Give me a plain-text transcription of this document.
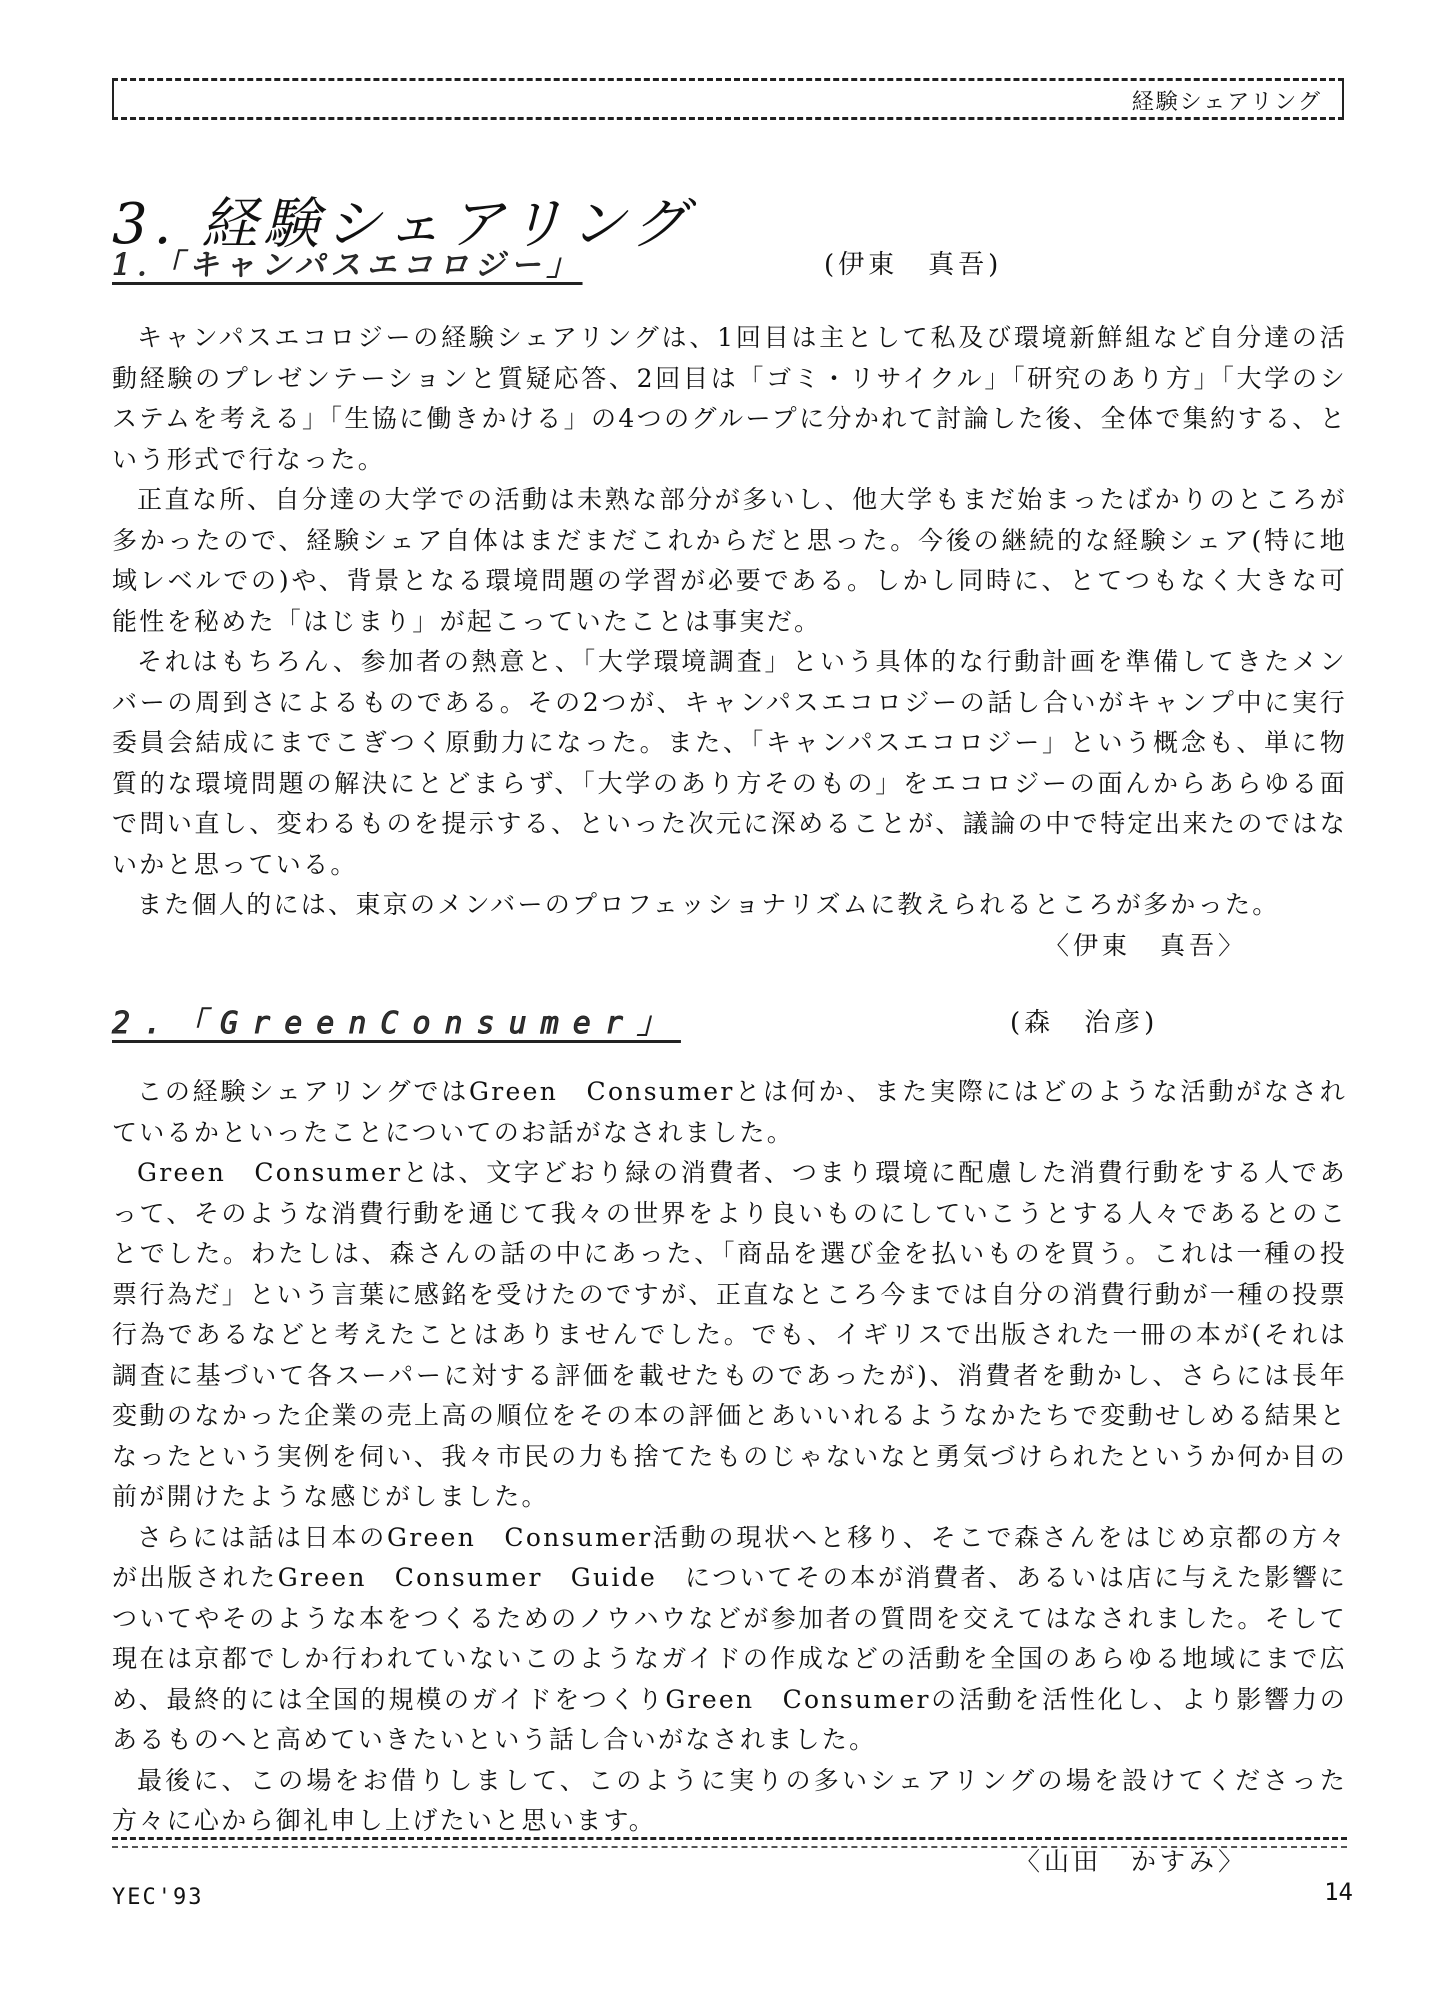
経験シェアリング
3. 経験シェアリング
1.「キャンパスエコロジー」	(伊東　真吾)

キャンパスエコロジーの経験シェアリングは、1回目は主として私及び環境新鮮組など自分達の活動経験のプレゼンテーションと質疑応答、2回目は「ゴミ・リサイクル」「研究のあり方」「大学のシステムを考える」「生協に働きかける」の4つのグループに分かれて討論した後、全体で集約する、という形式で行なった。

正直な所、自分達の大学での活動は未熟な部分が多いし、他大学もまだ始まったばかりのところが多かったので、経験シェア自体はまだまだこれからだと思った。今後の継続的な経験シェア(特に地域レベルでの)や、背景となる環境問題の学習が必要である。しかし同時に、とてつもなく大きな可能性を秘めた「はじまり」が起こっていたことは事実だ。

それはもちろん、参加者の熱意と、「大学環境調査」という具体的な行動計画を準備してきたメンバーの周到さによるものである。その2つが、キャンパスエコロジーの話し合いがキャンプ中に実行委員会結成にまでこぎつく原動力になった。また、「キャンパスエコロジー」という概念も、単に物質的な環境問題の解決にとどまらず、「大学のあり方そのもの」をエコロジーの面んからあらゆる面で問い直し、変わるものを提示する、といった次元に深めることが、議論の中で特定出来たのではないかと思っている。

また個人的には、東京のメンバーのプロフェッショナリズムに教えられるところが多かった。

〈伊東　真吾〉
2.「GreenConsumer」	(森　治彦)

この経験シェアリングではGreen　Consumerとは何か、また実際にはどのような活動がなされているかといったことについてのお話がなされました。

Green　Consumerとは、文字どおり緑の消費者、つまり環境に配慮した消費行動をする人であって、そのような消費行動を通じて我々の世界をより良いものにしていこうとする人々であるとのことでした。わたしは、森さんの話の中にあった、「商品を選び金を払いものを買う。これは一種の投票行為だ」という言葉に感銘を受けたのですが、正直なところ今までは自分の消費行動が一種の投票行為であるなどと考えたことはありませんでした。でも、イギリスで出版された一冊の本が(それは調査に基づいて各スーパーに対する評価を載せたものであったが)、消費者を動かし、さらには長年変動のなかった企業の売上高の順位をその本の評価とあいいれるようなかたちで変動せしめる結果となったという実例を伺い、我々市民の力も捨てたものじゃないなと勇気づけられたというか何か目の前が開けたような感じがしました。

さらには話は日本のGreen　Consumer活動の現状へと移り、そこで森さんをはじめ京都の方々が出版されたGreen　Consumer　Guide　についてその本が消費者、あるいは店に与えた影響についてやそのような本をつくるためのノウハウなどが参加者の質問を交えてはなされました。そして現在は京都でしか行われていないこのようなガイドの作成などの活動を全国のあらゆる地域にまで広め、最終的には全国的規模のガイドをつくりGreen　Consumerの活動を活性化し、より影響力のあるものへと高めていきたいという話し合いがなされました。

最後に、この場をお借りしまして、このように実りの多いシェアリングの場を設けてくださった方々に心から御礼申し上げたいと思います。

〈山田　かすみ〉
YEC'93	14
